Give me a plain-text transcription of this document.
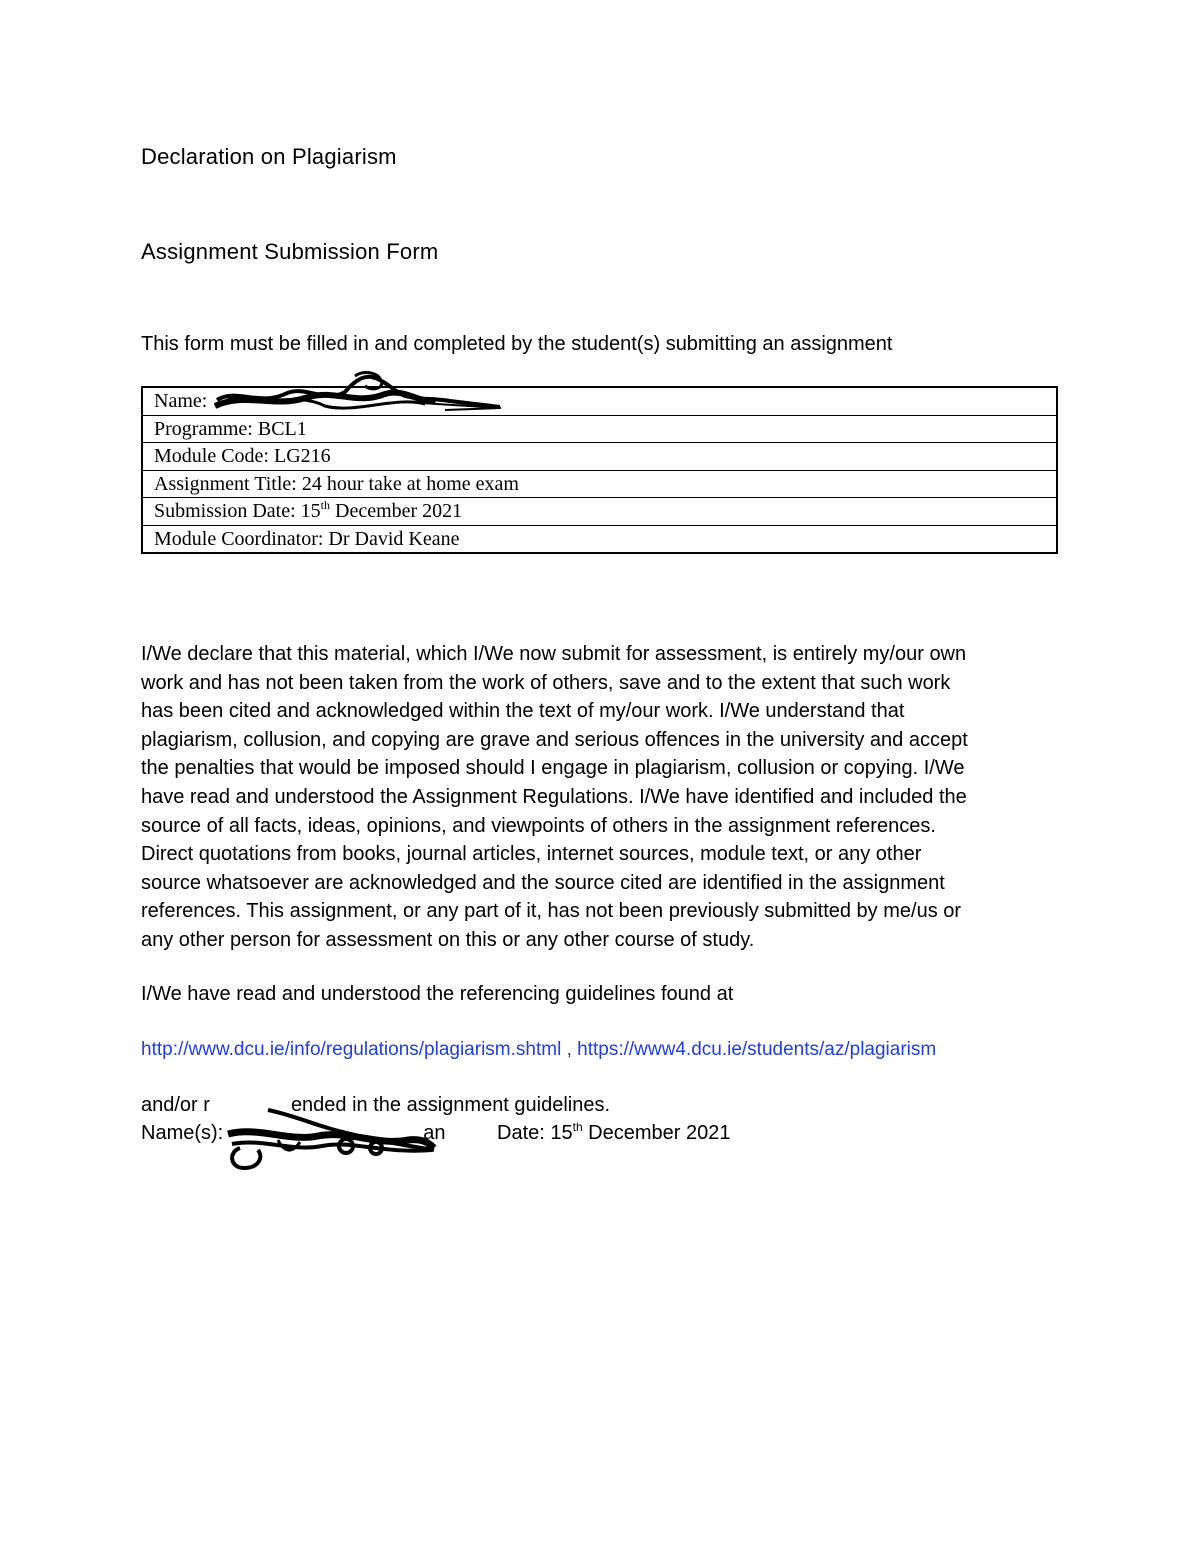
Declaration on Plagiarism
Assignment Submission Form
This form must be filled in and completed by the student(s) submitting an assignment
Name:
Programme: BCL1
Module Code: LG216
Assignment Title: 24 hour take at home exam
Submission Date: 15th December 2021
Module Coordinator: Dr David Keane
I/We declare that this material, which I/We now submit for assessment, is entirely my/our own
work and has not been taken from the work of others, save and to the extent that such work
has been cited and acknowledged within the text of my/our work. I/We understand that
plagiarism, collusion, and copying are grave and serious offences in the university and accept
the penalties that would be imposed should I engage in plagiarism, collusion or copying. I/We
have read and understood the Assignment Regulations. I/We have identified and included the
source of all facts, ideas, opinions, and viewpoints of others in the assignment references.
Direct quotations from books, journal articles, internet sources, module text, or any other
source whatsoever are acknowledged and the source cited are identified in the assignment
references. This assignment, or any part of it, has not been previously submitted by me/us or
any other person for assessment on this or any other course of study.
I/We have read and understood the referencing guidelines found at
http://www.dcu.ie/info/regulations/plagiarism.shtml , https://www4.dcu.ie/students/az/plagiarism
and/or r	ended in the assignment guidelines.
Name(s):	an	Date: 15th December 2021
